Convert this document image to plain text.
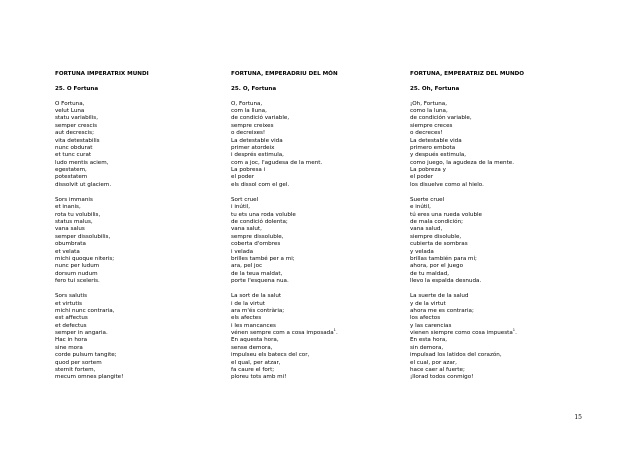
FORTUNA IMPERATRIX MUNDI
25. O Fortuna
O Fortuna,
velut Luna
statu variabilis,
semper crescis
aut decrescis;
vita detestabilis
nunc obdurat
et tunc curat
ludo mentis aciem,
egestatem,
potestatem
dissolvit ut glaciem.
Sors immanis
et inanis,
rota tu volubilis,
status malus,
vana salus
semper dissolubilis,
obumbrata
et velata
michi quoque niteris;
nunc per ludum
dorsum nudum
fero tui sceleris.
Sors salutis
et virtutis
michi nunc contraria,
est affectus
et defectus
semper in angaria.
Hac in hora
sine mora
corde pulsum tangite;
quod per sortem
sternit fortem,
mecum omnes plangite!
FORTUNA, EMPERADRIU DEL MÓN
25. O, Fortuna
O, Fortuna,
com la lluna,
de condició variable,
sempre creixes
o decreixes!
La detestable vida
primer atordeix
i després estimula,
com a joc, l'agudesa de la ment.
La pobresa i
el poder
els dissol com el gel.
Sort cruel
i inútil,
tu ets una roda voluble
de condició dolenta;
vana salut,
sempre dissoluble,
coberta d'ombres
i velada
brilles també per a mi;
ara, pel joc
de la teua maldat,
porte l'esquena nua.
La sort de la salut
i de la virtut
ara m'és contrària;
els afectes
i les mancances
vénen sempre com a cosa imposada$^1$.
En aquesta hora,
sense demora,
impulseu els batecs del cor,
el qual, per atzar,
fa caure el fort;
ploreu tots amb mi!
FORTUNA, EMPERATRIZ DEL MUNDO
25. Oh, Fortuna
¡Oh, Fortuna,
como la luna,
de condición variable,
siempre creces
o decreces!
La detestable vida
primero embota
y después estimula,
como juego, la agudeza de la mente.
La pobreza y
el poder
los disuelve como al hielo.
Suerte cruel
e inútil,
tú eres una rueda voluble
de mala condición;
vana salud,
siempre disoluble,
cubierta de sombras
y velada
brillas también para mí;
ahora, por el juego
de tu maldad,
llevo la espalda desnuda.
La suerte de la salud
y de la virtut
ahora me es contraria;
los afectos
y las carencias
vienen siempre como cosa impuesta$^1$.
En esta hora,
sin demora,
impulsad los latidos del corazón,
el cual, por azar,
hace caer al fuerte;
¡llorad todos conmigo!
15
